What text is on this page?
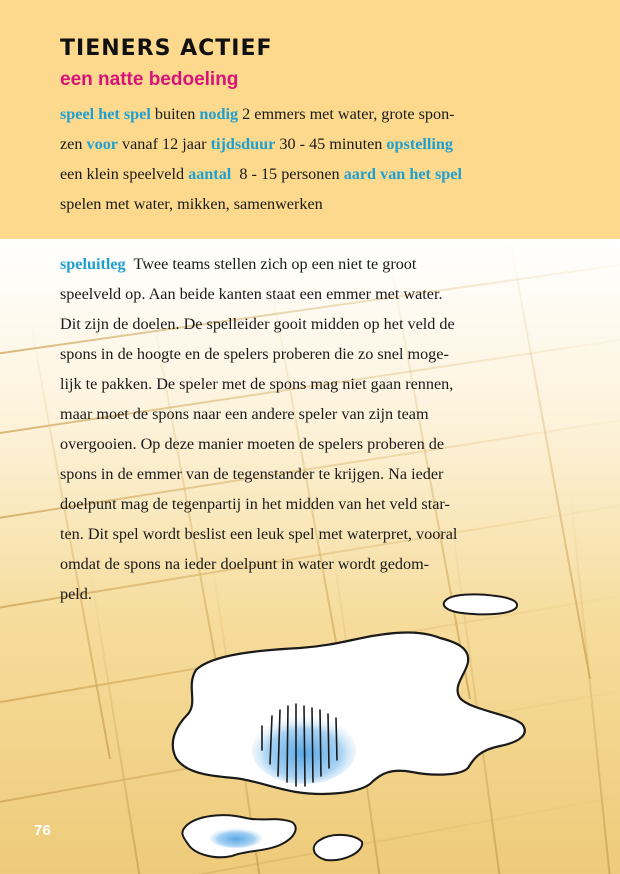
TIENERS ACTIEF
een natte bedoeling
speel het spel buiten nodig 2 emmers met water, grote spon-
zen voor vanaf 12 jaar tijdsduur 30 - 45 minuten opstelling
een klein speelveld aantal  8 - 15 personen aard van het spel
spelen met water, mikken, samenwerken
speluitleg  Twee teams stellen zich op een niet te groot
speelveld op. Aan beide kanten staat een emmer met water.
Dit zijn de doelen. De spelleider gooit midden op het veld de
spons in de hoogte en de spelers proberen die zo snel moge-
lijk te pakken. De speler met de spons mag niet gaan rennen,
maar moet de spons naar een andere speler van zijn team
overgooien. Op deze manier moeten de spelers proberen de
spons in de emmer van de tegenstander te krijgen. Na ieder
doelpunt mag de tegenpartij in het midden van het veld star-
ten. Dit spel wordt beslist een leuk spel met waterpret, vooral
omdat de spons na ieder doelpunt in water wordt gedom-
peld.
76
